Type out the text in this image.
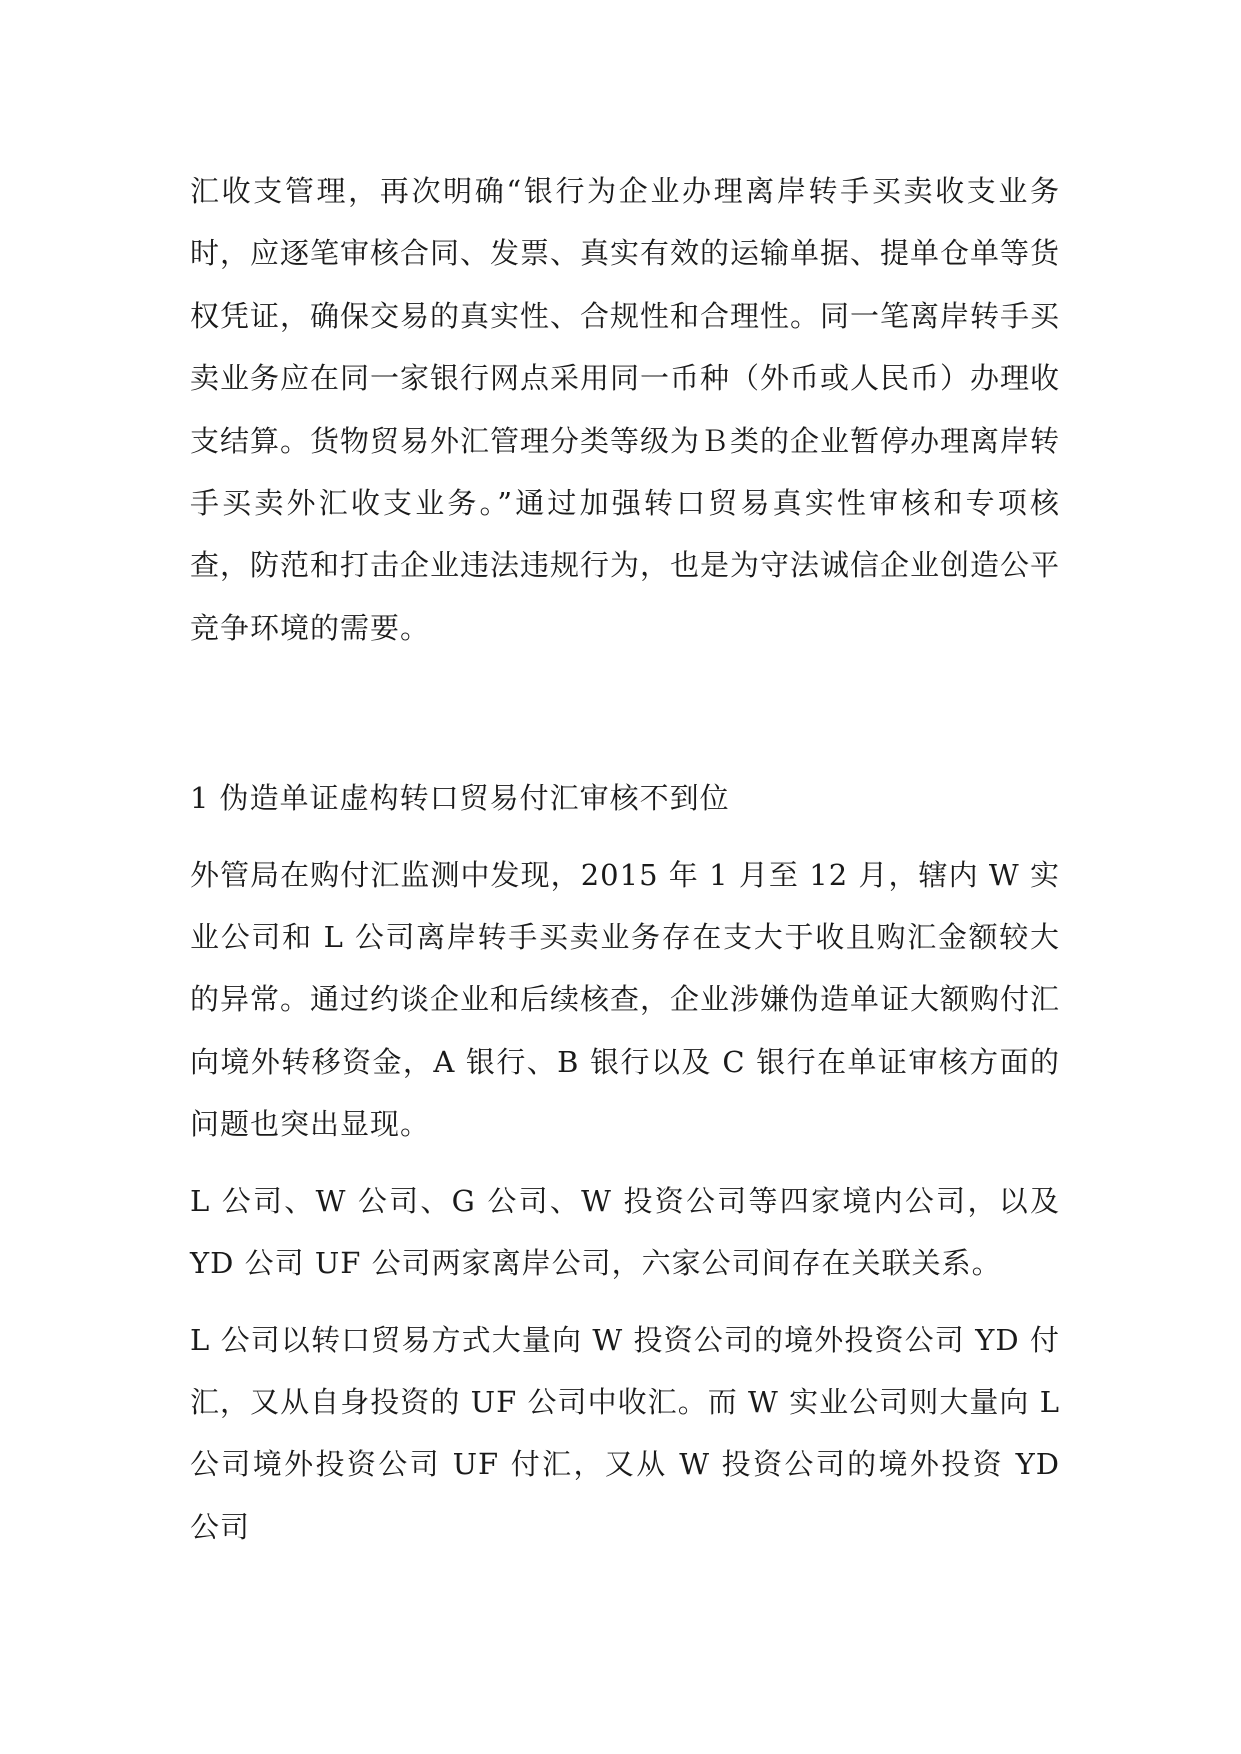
汇收支管理，再次明确“银行为企业办理离岸转手买卖收支业务时，应逐笔审核合同、发票、真实有效的运输单据、提单仓单等货权凭证，确保交易的真实性、合规性和合理性。同一笔离岸转手买卖业务应在同一家银行网点采用同一币种（外币或人民币）办理收支结算。货物贸易外汇管理分类等级为Ｂ类的企业暂停办理离岸转手买卖外汇收支业务。”通过加强转口贸易真实性审核和专项核查，防范和打击企业违法违规行为，也是为守法诚信企业创造公平竞争环境的需要。

1 伪造单证虚构转口贸易付汇审核不到位

外管局在购付汇监测中发现，2015 年 1 月至 12 月，辖内 W 实业公司和 L 公司离岸转手买卖业务存在支大于收且购汇金额较大的异常。通过约谈企业和后续核查，企业涉嫌伪造单证大额购付汇向境外转移资金，A 银行、B 银行以及 C 银行在单证审核方面的问题也突出显现。

L 公司、W 公司、G 公司、W 投资公司等四家境内公司，以及 YD 公司 UF 公司两家离岸公司，六家公司间存在关联关系。

L 公司以转口贸易方式大量向 W 投资公司的境外投资公司 YD 付汇，又从自身投资的 UF 公司中收汇。而 W 实业公司则大量向 L 公司境外投资公司 UF 付汇，又从 W 投资公司的境外投资 YD 公司
